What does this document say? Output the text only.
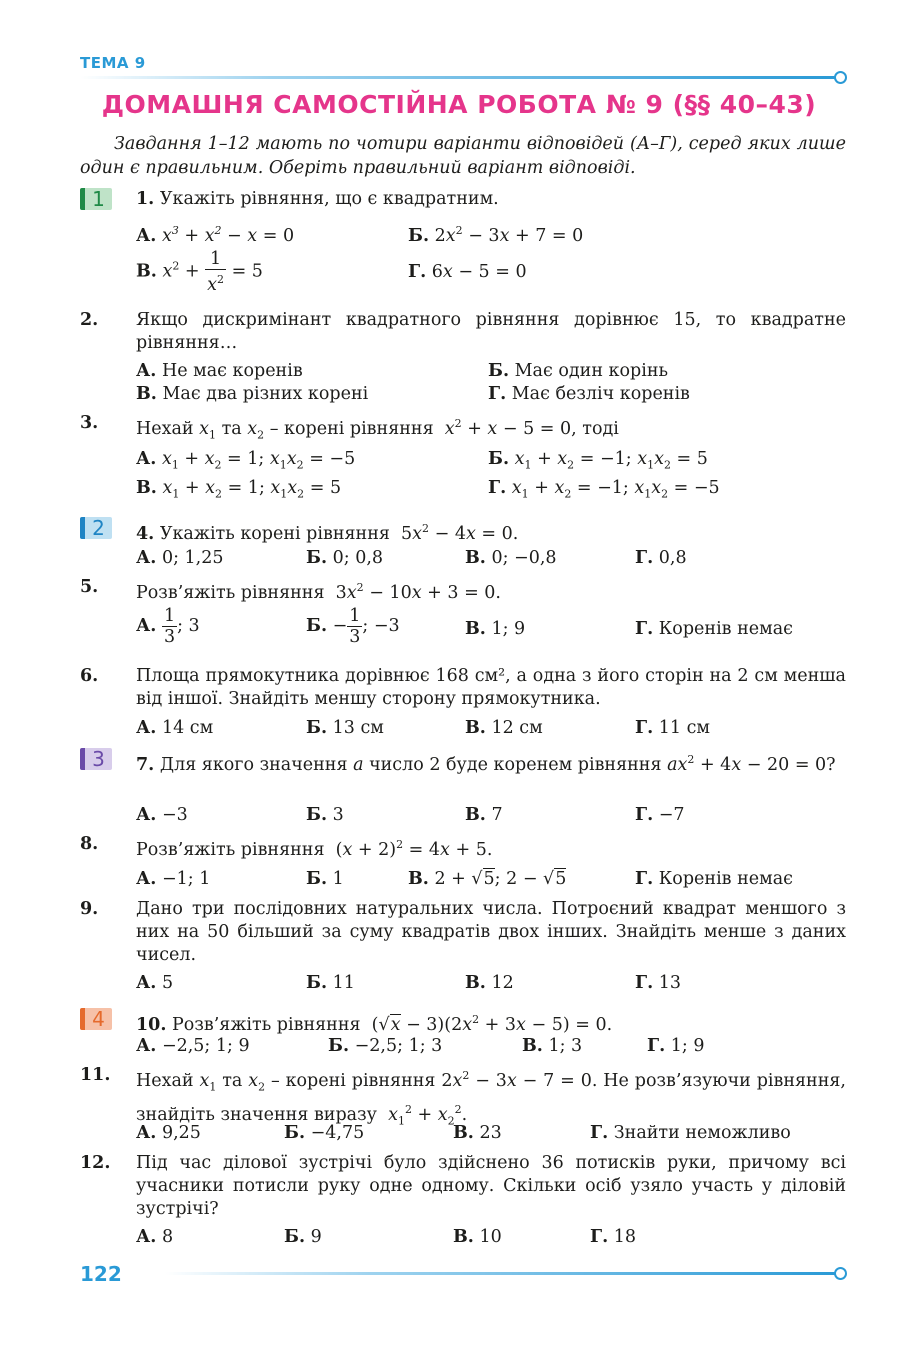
ТЕМА 9
ДОМАШНЯ САМОСТІЙНА РОБОТА № 9 (§§ 40–43)
Завдання 1–12 мають по чотири варіанти відповідей (А–Г), серед яких лише один є правильним. Оберіть правильний варіант відповіді.
1
2
3
4
1. Укажіть рівняння, що є квадратним.
А. $x^3 + x^2 - x = 0$	Б. $2x^2 - 3x + 7 = 0$
В. $x^2 + \frac{1}{x^2} = 5$	Г. 6x − 5 = 0
2. Якщо дискримінант квадратного рівняння дорівнює 15, то квадратне рівняння…
А. Не має коренів	Б. Має один корінь
В. Має два різних корені	Г. Має безліч коренів
3. Нехай $x_1$ та $x_2$ – корені рівняння  $x^2 + x - 5 = 0$, тоді
А. $x_1 + x_2 = 1$; $x_1x_2 = -5$	Б. $x_1 + x_2 = -1$; $x_1x_2 = 5$
В. $x_1 + x_2 = 1$; $x_1x_2 = 5$	Г. $x_1 + x_2 = -1$; $x_1x_2 = -5$
4. Укажіть корені рівняння  $5x^2 - 4x = 0$.
А. 0; 1,25	Б. 0; 0,8	В. 0; −0,8	Г. 0,8
5. Розв’яжіть рівняння  $3x^2 - 10x + 3 = 0$.
А. $\frac{1}{3}$ ; 3	Б. − $\frac{1}{3}$ ; −3	В. 1; 9	Г. Коренів немає
6. Площа прямокутника дорівнює 168 см², а одна з його сторін на 2 см менша від іншої. Знайдіть меншу сторону прямокутника.
А. 14 см	Б. 13 см	В. 12 см	Г. 11 см
7. Для якого значення a число 2 буде коренем рівняння $ax^2 + 4x - 20 = 0$?
А. −3	Б. 3	В. 7	Г. −7
8. Розв’яжіть рівняння  $(x + 2)^2 = 4x + 5$.
А. −1; 1	Б. 1	В. 2 + √5; 2 − √5	Г. Коренів немає
9. Дано три послідовних натуральних числа. Потроєний квадрат меншого з них на 50 більший за суму квадратів двох інших. Знайдіть менше з даних чисел.
А. 5	Б. 11	В. 12	Г. 13
10. Розв’яжіть рівняння  $(√x - 3)(2x^2 + 3x - 5) = 0$.
А. −2,5; 1; 9	Б. −2,5; 1; 3	В. 1; 3	Г. 1; 9
11. Нехай $x_1$ та $x_2$ – корені рівняння $2x^2 - 3x - 7 = 0$. Не розв’язуючи рівняння, знайдіть значення виразу  $x_1^2 + x_2^2$.
А. 9,25	Б. −4,75	В. 23	Г. Знайти неможливо
12. Під час ділової зустрічі було здійснено 36 потисків руки, причому всі учасники потисли руку одне одному. Скільки осіб узяло участь у діловій зустрічі?
А. 8	Б. 9	В. 10	Г. 18
122
